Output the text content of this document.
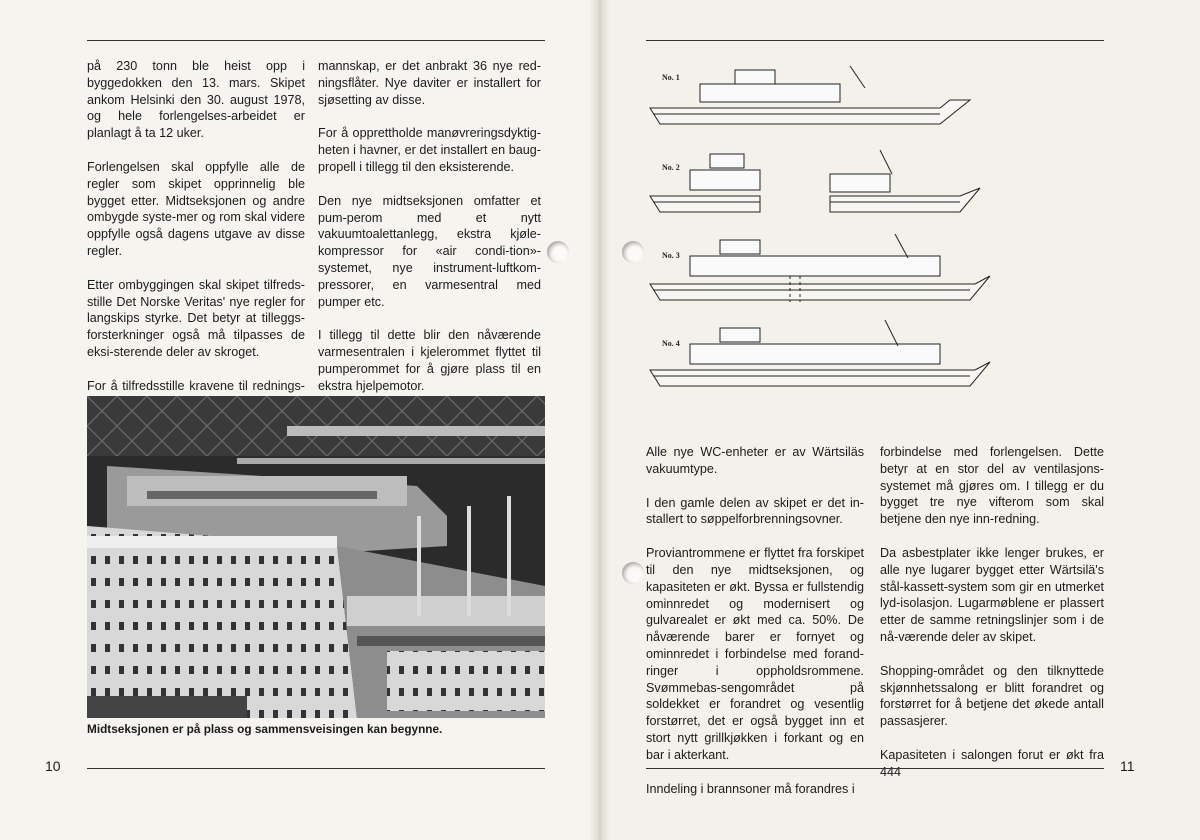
på 230 tonn ble heist opp i byggedokken den 13. mars. Skipet ankom Helsinki den 30. august 1978, og hele forlengelses-arbeidet er planlagt å ta 12 uker.

Forlengelsen skal oppfylle alle de regler som skipet opprinnelig ble bygget etter. Midtseksjonen og andre ombygde syste-mer og rom skal videre oppfylle også dagens utgave av disse regler.

Etter ombyggingen skal skipet tilfreds-stille Det Norske Veritas' nye regler for langskips styrke. Det betyr at tilleggs-forsterkninger også må tilpasses de eksi-sterende deler av skroget.

For å tilfredsstille kravene til rednings-

mannskap, er det anbrakt 36 nye red-ningsflåter. Nye daviter er installert for sjøsetting av disse.

For å opprettholde manøvreringsdyktig-heten i havner, er det installert en baug-propell i tillegg til den eksisterende.

Den nye midtseksjonen omfatter et pum-perom med et nytt vakuumtoalettanlegg, ekstra kjøle-kompressor for «air condi-tion»-systemet, nye instrument-luftkom-pressorer, en varmesentral med pumper etc.

I tillegg til dette blir den nåværende varmesentralen i kjelerommet flyttet til pumperommet for å gjøre plass til en ekstra hjelpemotor.

Midtseksjonen er på plass og sammensveisingen kan begynne.
10
No. 1
No. 2
No. 3
No. 4

Alle nye WC-enheter er av Wärtsiläs vakuumtype.

I den gamle delen av skipet er det in-stallert to søppelforbrenningsovner.

Proviantrommene er flyttet fra forskipet til den nye midtseksjonen, og kapasiteten er økt. Byssa er fullstendig ominnredet og modernisert og gulvarealet er økt med ca. 50%. De nåværende barer er fornyet og ominnredet i forbindelse med forand-ringer i oppholdsrommene. Svømmebas-sengområdet på soldekket er forandret og vesentlig forstørret, det er også bygget inn et stort nytt grillkjøkken i forkant og en bar i akterkant.

Inndeling i brannsoner må forandres i

forbindelse med forlengelsen. Dette betyr at en stor del av ventilasjons-systemet må gjøres om. I tillegg er du bygget tre nye vifterom som skal betjene den nye inn-redning.

Da asbestplater ikke lenger brukes, er alle nye lugarer bygget etter Wärtsilä's stål-kassett-system som gir en utmerket lyd-isolasjon. Lugarmøblene er plassert etter de samme retningslinjer som i de nå-værende deler av skipet.

Shopping-området og den tilknyttede skjønnhetssalong er blitt forandret og forstørret for å betjene det økede antall passasjerer.

Kapasiteten i salongen forut er økt fra 444	11
